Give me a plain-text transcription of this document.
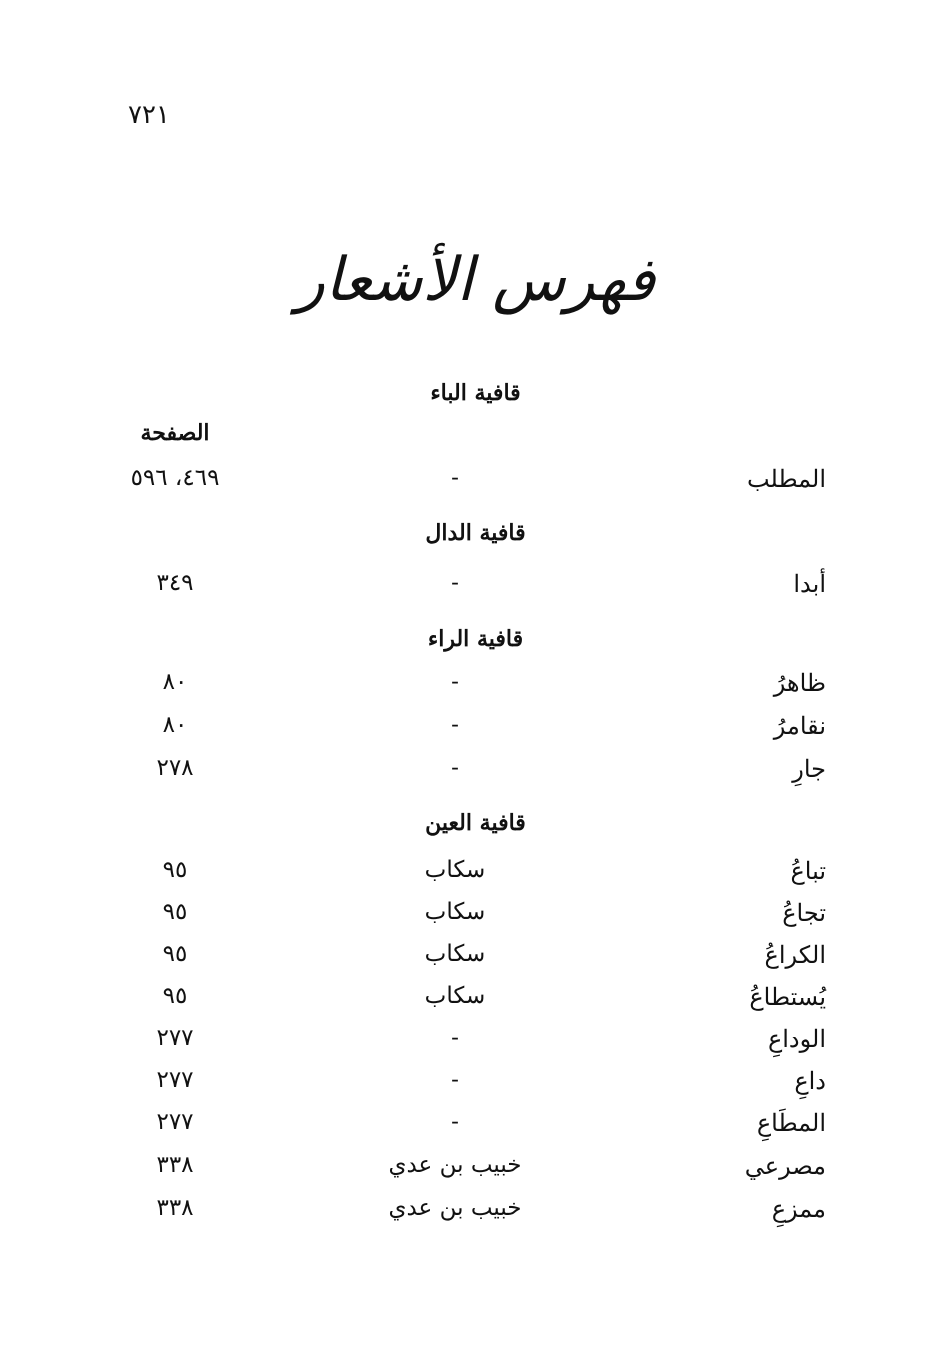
٧٢١
فهرس الأشعار
قافية الباء
الصفحة
المطلب
-
٤٦٩، ٥٩٦
قافية الدال
أبدا
-
٣٤٩
قافية الراء
ظاهرُ
-
٨٠
نقامرُ
-
٨٠
جارِ
-
٢٧٨
قافية العين
تباعُ
سكاب
٩٥
تجاعُ
سكاب
٩٥
الكراعُ
سكاب
٩٥
يُستطاعُ
سكاب
٩٥
الوداعِ
-
٢٧٧
داعِ
-
٢٧٧
المطَاعِ
-
٢٧٧
مصرعي
خبيب بن عدي
٣٣٨
ممزعِ
خبيب بن عدي
٣٣٨
